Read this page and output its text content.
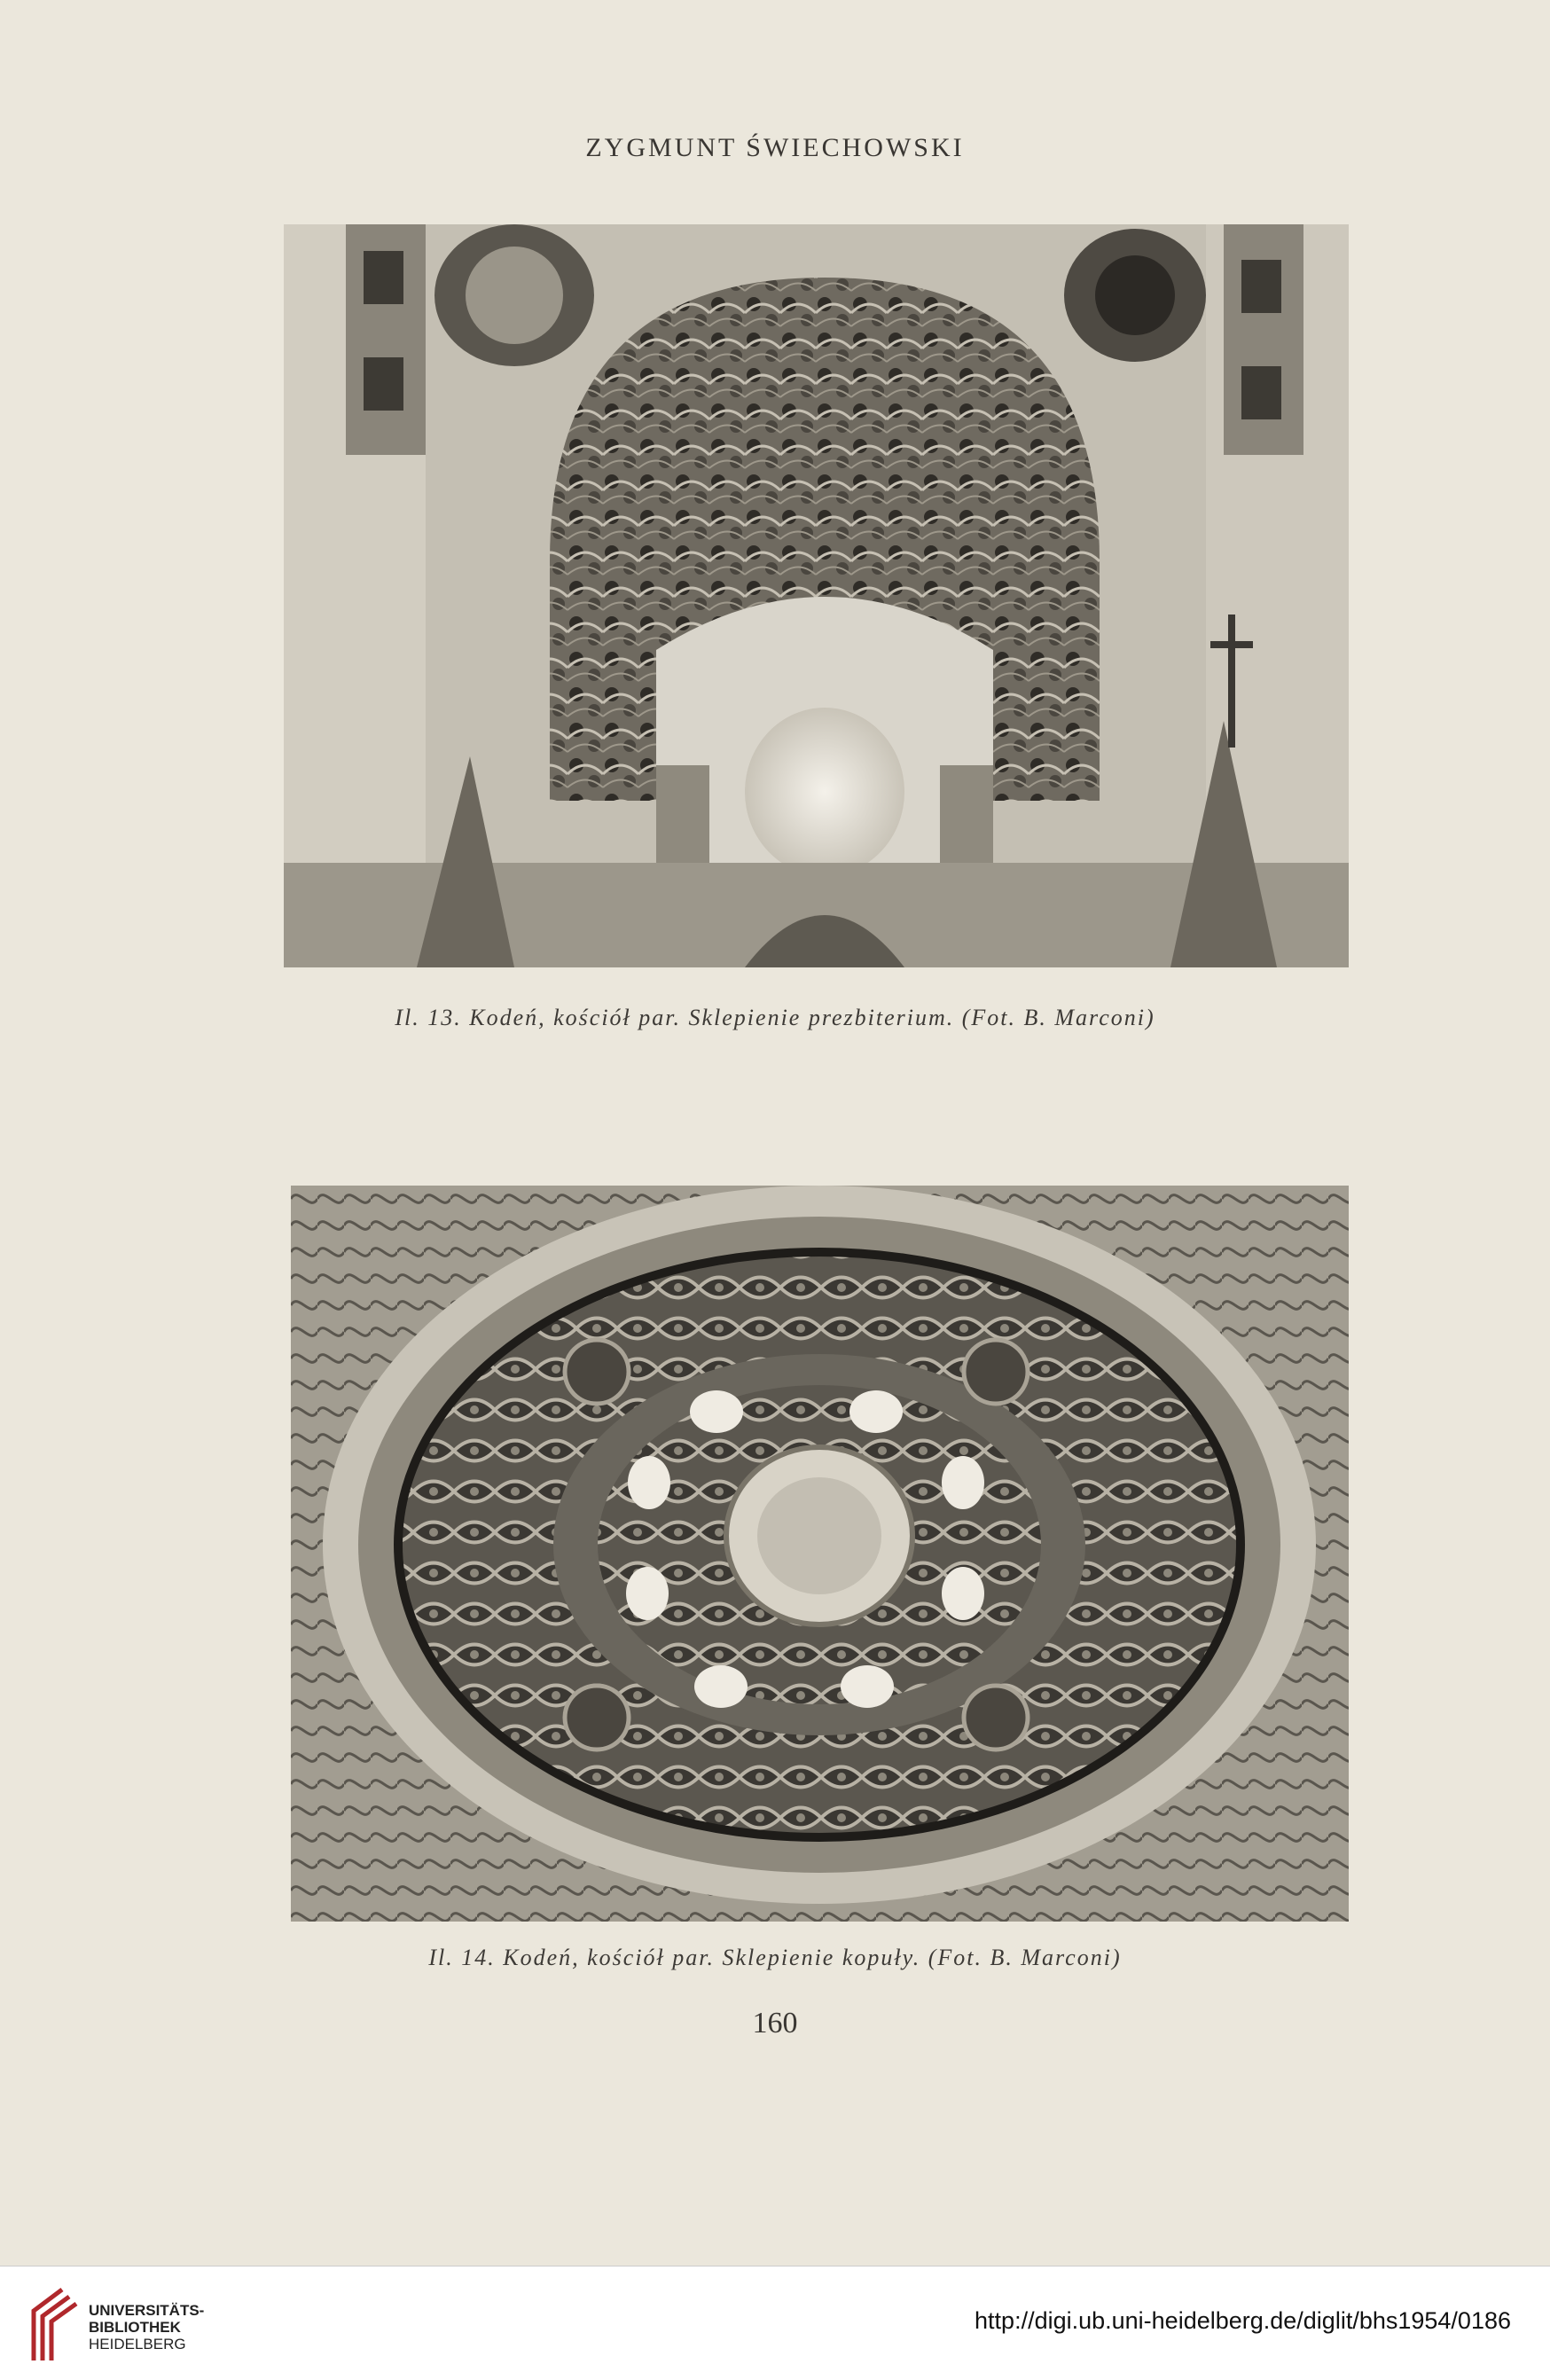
ZYGMUNT ŚWIECHOWSKI
Il. 13. Kodeń, kościół par. Sklepienie prezbiterium. (Fot. B. Marconi)
Il. 14. Kodeń, kościół par. Sklepienie kopuły. (Fot. B. Marconi)
160
UNIVERSITÄTS-
BIBLIOTHEK
HEIDELBERG
http://digi.ub.uni-heidelberg.de/diglit/bhs1954/0186
